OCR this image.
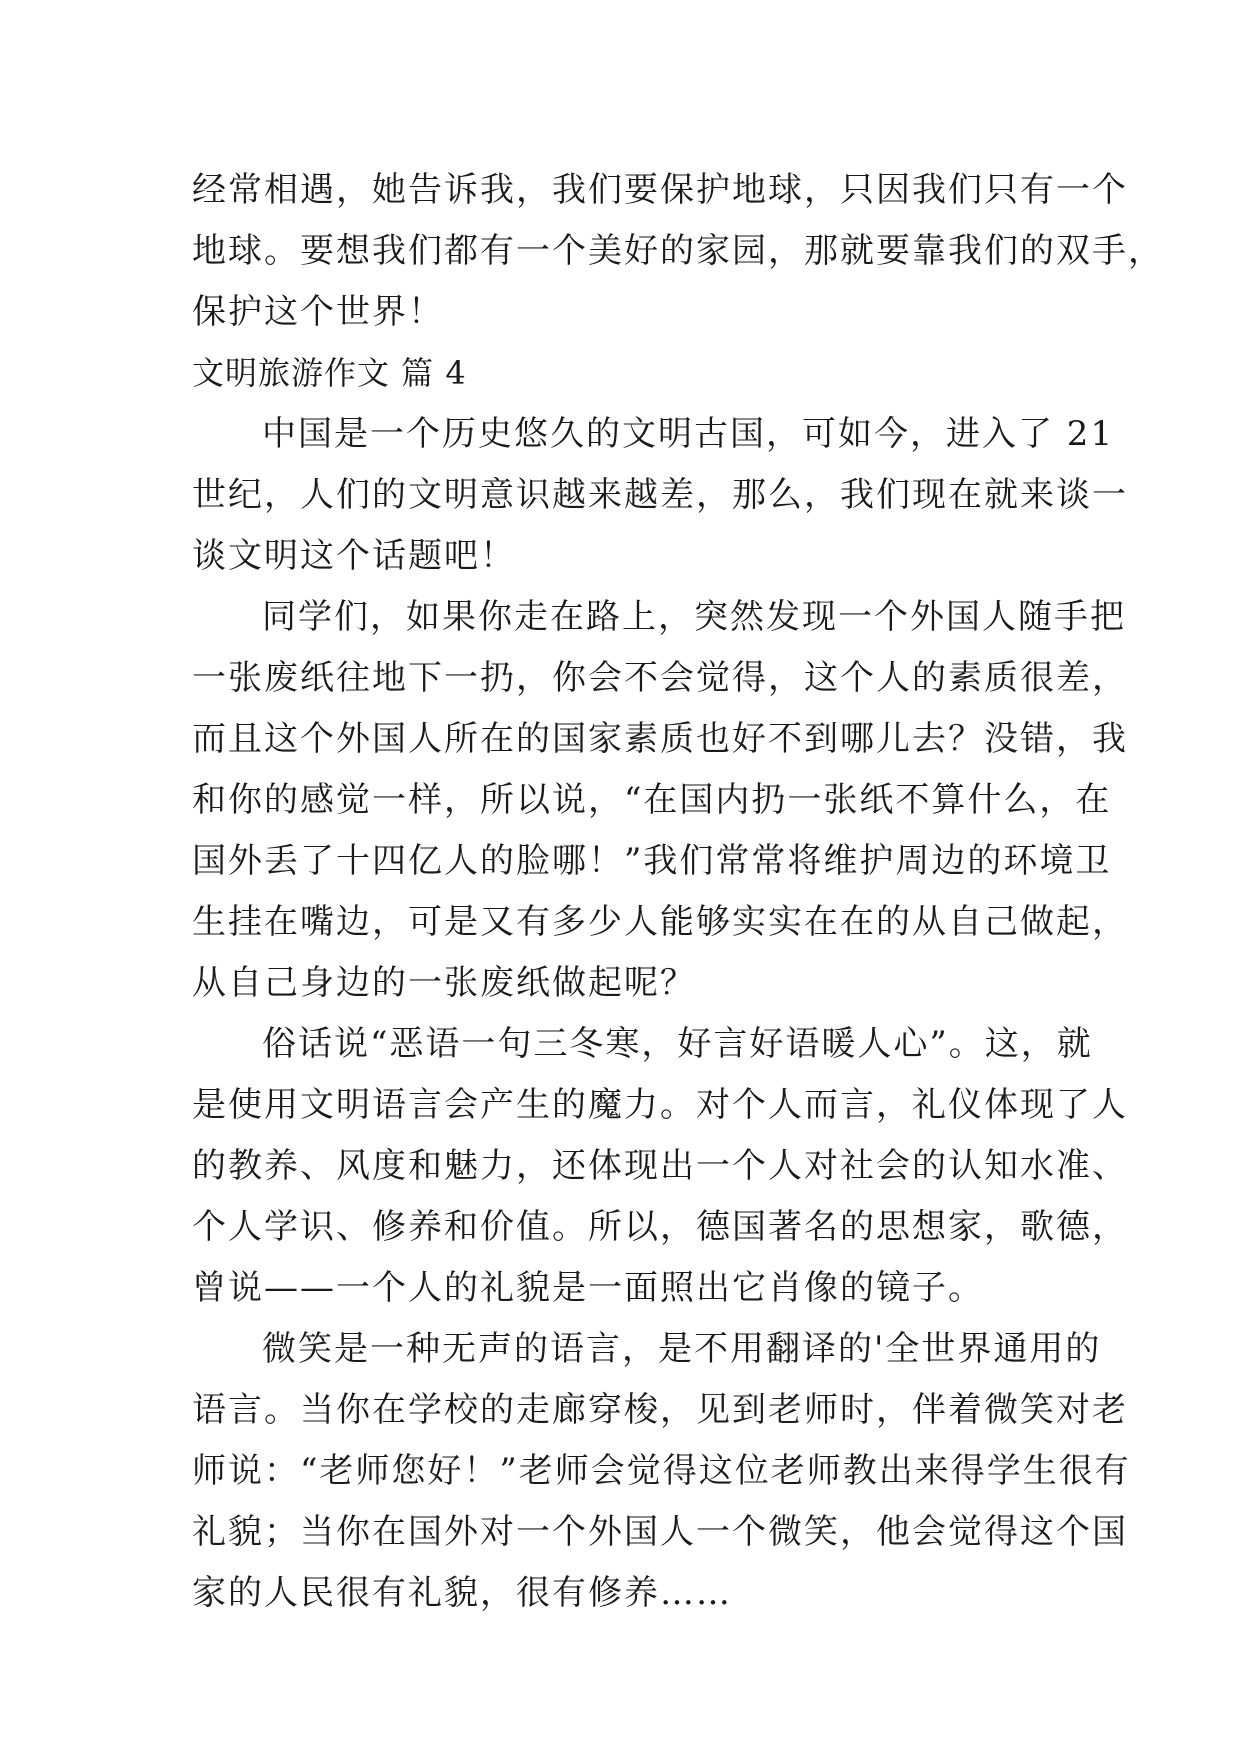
经常相遇，她告诉我，我们要保护地球，只因我们只有一个
地球。要想我们都有一个美好的家园，那就要靠我们的双手，
保护这个世界！
文明旅游作文 篇 4
中国是一个历史悠久的文明古国，可如今，进入了 21
世纪，人们的文明意识越来越差，那么，我们现在就来谈一
谈文明这个话题吧！
同学们，如果你走在路上，突然发现一个外国人随手把
一张废纸往地下一扔，你会不会觉得，这个人的素质很差，
而且这个外国人所在的国家素质也好不到哪儿去？没错，我
和你的感觉一样，所以说，“在国内扔一张纸不算什么，在
国外丢了十四亿人的脸哪！”我们常常将维护周边的环境卫
生挂在嘴边，可是又有多少人能够实实在在的从自己做起，
从自己身边的一张废纸做起呢？
俗话说“恶语一句三冬寒，好言好语暖人心”。这，就
是使用文明语言会产生的魔力。对个人而言，礼仪体现了人
的教养、风度和魅力，还体现出一个人对社会的认知水准、
个人学识、修养和价值。所以，德国著名的思想家，歌德，
曾说——一个人的礼貌是一面照出它肖像的镜子。
微笑是一种无声的语言，是不用翻译的'全世界通用的
语言。当你在学校的走廊穿梭，见到老师时，伴着微笑对老
师说：“老师您好！”老师会觉得这位老师教出来得学生很有
礼貌；当你在国外对一个外国人一个微笑，他会觉得这个国
家的人民很有礼貌，很有修养……
